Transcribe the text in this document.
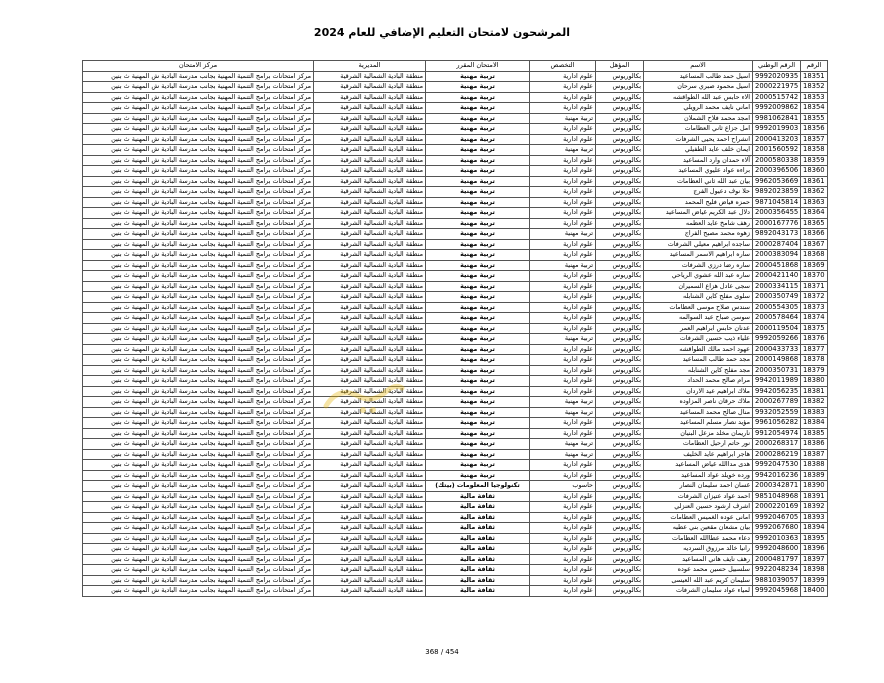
المرشحون لامتحان التعليم الإضافي للعام 2024
الرقم	الرقم الوطني	الاسم	المؤهل	التخصص	الامتحان المقرر	المديرية	مركز الامتحان
18351	9992020935	اسيل حمد طالب المساعيد	بكالوريوس	علوم ادارية	تربية مهنية	منطقة البادية الشمالية الشرقية	مركز امتحانات برامج التنمية المهنية بجانب مدرسة البادية ش المهنية ث بنين
18352	2000221975	اسيل محمود صبري سرحان	بكالوريوس	علوم ادارية	تربية مهنية	منطقة البادية الشمالية الشرقية	مركز امتحانات برامج التنمية المهنية بجانب مدرسة البادية ش المهنية ث بنين
18353	2000515742	الاء حابس عبد الله الطواقشه	بكالوريوس	علوم ادارية	تربية مهنية	منطقة البادية الشمالية الشرقية	مركز امتحانات برامج التنمية المهنية بجانب مدرسة البادية ش المهنية ث بنين
18354	9992009862	اماني نايف محمد الرويلي	بكالوريوس	علوم ادارية	تربية مهنية	منطقة البادية الشمالية الشرقية	مركز امتحانات برامج التنمية المهنية بجانب مدرسة البادية ش المهنية ث بنين
18355	9981062841	امجد محمد فلاح الشملان	بكالوريوس	تربية مهنية	تربية مهنية	منطقة البادية الشمالية الشرقية	مركز امتحانات برامج التنمية المهنية بجانب مدرسة البادية ش المهنية ث بنين
18356	9992019903	امل جزاع ثاني العظامات	بكالوريوس	علوم ادارية	تربية مهنية	منطقة البادية الشمالية الشرقية	مركز امتحانات برامج التنمية المهنية بجانب مدرسة البادية ش المهنية ث بنين
18357	2000413203	انشراح احمد يحيى الشرفات	بكالوريوس	علوم ادارية	تربية مهنية	منطقة البادية الشمالية الشرقية	مركز امتحانات برامج التنمية المهنية بجانب مدرسة البادية ش المهنية ث بنين
18358	2001560592	ايمان خلف عايد الطفيلي	بكالوريوس	تربية مهنية	تربية مهنية	منطقة البادية الشمالية الشرقية	مركز امتحانات برامج التنمية المهنية بجانب مدرسة البادية ش المهنية ث بنين
18359	2000580338	آلاء حمدان وارد المساعيد	بكالوريوس	علوم ادارية	تربية مهنية	منطقة البادية الشمالية الشرقية	مركز امتحانات برامج التنمية المهنية بجانب مدرسة البادية ش المهنية ث بنين
18360	2000396506	براءه عواد عليوي المساعيد	بكالوريوس	علوم ادارية	تربية مهنية	منطقة البادية الشمالية الشرقية	مركز امتحانات برامج التنمية المهنية بجانب مدرسة البادية ش المهنية ث بنين
18361	9962053669	بيان عبد الله ثاني العظامات	بكالوريوس	علوم ادارية	تربية مهنية	منطقة البادية الشمالية الشرقية	مركز امتحانات برامج التنمية المهنية بجانب مدرسة البادية ش المهنية ث بنين
18362	9892023859	حلا نوف دعيول الفرج	بكالوريوس	علوم ادارية	تربية مهنية	منطقة البادية الشمالية الشرقية	مركز امتحانات برامج التنمية المهنية بجانب مدرسة البادية ش المهنية ث بنين
18363	9871045814	حمزه فياض فليح المحمد	بكالوريوس	علوم ادارية	تربية مهنية	منطقة البادية الشمالية الشرقية	مركز امتحانات برامج التنمية المهنية بجانب مدرسة البادية ش المهنية ث بنين
18364	2000356455	دلال عبد الكريم غياض المساعيد	بكالوريوس	علوم ادارية	تربية مهنية	منطقة البادية الشمالية الشرقية	مركز امتحانات برامج التنمية المهنية بجانب مدرسة البادية ش المهنية ث بنين
18365	2000167776	رهف شامخ عايد العظمه	بكالوريوس	علوم ادارية	تربية مهنية	منطقة البادية الشمالية الشرقية	مركز امتحانات برامج التنمية المهنية بجانب مدرسة البادية ش المهنية ث بنين
18366	9892043173	زهوه محمد مصبح الفراج	بكالوريوس	تربية مهنية	تربية مهنية	منطقة البادية الشمالية الشرقية	مركز امتحانات برامج التنمية المهنية بجانب مدرسة البادية ش المهنية ث بنين
18367	2000287404	ساجده ابراهيم معيلي الشرفات	بكالوريوس	علوم ادارية	تربية مهنية	منطقة البادية الشمالية الشرقية	مركز امتحانات برامج التنمية المهنية بجانب مدرسة البادية ش المهنية ث بنين
18368	2000383094	ساره ابراهيم الاسمر المساعيد	بكالوريوس	علوم ادارية	تربية مهنية	منطقة البادية الشمالية الشرقية	مركز امتحانات برامج التنمية المهنية بجانب مدرسة البادية ش المهنية ث بنين
18369	2000451868	ساره رضا درزي الشرفات	بكالوريوس	تربية مهنية	تربية مهنية	منطقة البادية الشمالية الشرقية	مركز امتحانات برامج التنمية المهنية بجانب مدرسة البادية ش المهنية ث بنين
18370	2000421140	ساره عبد الله عشوي الرياحي	بكالوريوس	علوم ادارية	تربية مهنية	منطقة البادية الشمالية الشرقية	مركز امتحانات برامج التنمية المهنية بجانب مدرسة البادية ش المهنية ث بنين
18371	2000334115	سجى عادل هزاع السميران	بكالوريوس	علوم ادارية	تربية مهنية	منطقة البادية الشمالية الشرقية	مركز امتحانات برامج التنمية المهنية بجانب مدرسة البادية ش المهنية ث بنين
18372	2000350749	سلوى مفلح كاين الشنابله	بكالوريوس	علوم ادارية	تربية مهنية	منطقة البادية الشمالية الشرقية	مركز امتحانات برامج التنمية المهنية بجانب مدرسة البادية ش المهنية ث بنين
18373	2000554305	سندس صلاح موسى العظامات	بكالوريوس	علوم ادارية	تربية مهنية	منطقة البادية الشمالية الشرقية	مركز امتحانات برامج التنمية المهنية بجانب مدرسة البادية ش المهنية ث بنين
18374	2000578464	سوسن صباح عيد السوالمه	بكالوريوس	علوم ادارية	تربية مهنية	منطقة البادية الشمالية الشرقية	مركز امتحانات برامج التنمية المهنية بجانب مدرسة البادية ش المهنية ث بنين
18375	2000119504	عدنان حابس ابراهيم العمر	بكالوريوس	علوم ادارية	تربية مهنية	منطقة البادية الشمالية الشرقية	مركز امتحانات برامج التنمية المهنية بجانب مدرسة البادية ش المهنية ث بنين
18376	9992059266	علياء ذيب حسين الشرفات	بكالوريوس	تربية مهنية	تربية مهنية	منطقة البادية الشمالية الشرقية	مركز امتحانات برامج التنمية المهنية بجانب مدرسة البادية ش المهنية ث بنين
18377	2000433733	عهود احمد مالك الطواقشه	بكالوريوس	علوم ادارية	تربية مهنية	منطقة البادية الشمالية الشرقية	مركز امتحانات برامج التنمية المهنية بجانب مدرسة البادية ش المهنية ث بنين
18378	2000149868	مجد حمد طالب المساعيد	بكالوريوس	علوم ادارية	تربية مهنية	منطقة البادية الشمالية الشرقية	مركز امتحانات برامج التنمية المهنية بجانب مدرسة البادية ش المهنية ث بنين
18379	2000350731	مجد مفلح كاين الشنابله	بكالوريوس	علوم ادارية	تربية مهنية	منطقة البادية الشمالية الشرقية	مركز امتحانات برامج التنمية المهنية بجانب مدرسة البادية ش المهنية ث بنين
18380	9942011989	مرام صالح محمد الحداد	بكالوريوس	علوم ادارية	تربية مهنية	منطقة البادية الشمالية الشرقية	مركز امتحانات برامج التنمية المهنية بجانب مدرسة البادية ش المهنية ث بنين
18381	9942056235	ملاك ابراهيم عيد الاردان	بكالوريوس	علوم ادارية	تربية مهنية	منطقة البادية الشمالية الشرقية	مركز امتحانات برامج التنمية المهنية بجانب مدرسة البادية ش المهنية ث بنين
18382	2000267789	ملاك حرقان ناصر المزاوده	بكالوريوس	تربية مهنية	تربية مهنية	منطقة البادية الشمالية الشرقية	مركز امتحانات برامج التنمية المهنية بجانب مدرسة البادية ش المهنية ث بنين
18383	9932052559	منال صالح محمد المساعيد	بكالوريوس	تربية مهنية	تربية مهنية	منطقة البادية الشمالية الشرقية	مركز امتحانات برامج التنمية المهنية بجانب مدرسة البادية ش المهنية ث بنين
18384	9961056282	مؤيد نصار مسلم المساعيد	بكالوريوس	علوم ادارية	تربية مهنية	منطقة البادية الشمالية الشرقية	مركز امتحانات برامج التنمية المهنية بجانب مدرسة البادية ش المهنية ث بنين
18385	9912054974	ناريمان مخلد مزعل البنيان	بكالوريوس	علوم ادارية	تربية مهنية	منطقة البادية الشمالية الشرقية	مركز امتحانات برامج التنمية المهنية بجانب مدرسة البادية ش المهنية ث بنين
18386	2000268317	نور حاتم ارحيل العظامات	بكالوريوس	تربية مهنية	تربية مهنية	منطقة البادية الشمالية الشرقية	مركز امتحانات برامج التنمية المهنية بجانب مدرسة البادية ش المهنية ث بنين
18387	2000286219	هاجر ابراهيم عايد الخليف	بكالوريوس	تربية مهنية	تربية مهنية	منطقة البادية الشمالية الشرقية	مركز امتحانات برامج التنمية المهنية بجانب مدرسة البادية ش المهنية ث بنين
18388	9992047530	هدى مداالله غياض المساعيد	بكالوريوس	علوم ادارية	تربية مهنية	منطقة البادية الشمالية الشرقية	مركز امتحانات برامج التنمية المهنية بجانب مدرسة البادية ش المهنية ث بنين
18389	9942016236	ورده خويلد عواد المساعيد	بكالوريوس	علوم ادارية	تربية مهنية	منطقة البادية الشمالية الشرقية	مركز امتحانات برامج التنمية المهنية بجانب مدرسة البادية ش المهنية ث بنين
18390	2000342871	غسان احمد سليمان النصار	بكالوريوس	حاسوب	تكنولوجيا المعلومات (بيتك)	منطقة البادية الشمالية الشرقية	مركز امتحانات برامج التنمية المهنية بجانب مدرسة البادية ش المهنية ث بنين
18391	9851048968	احمد عواد عتيزان الشرفات	بكالوريوس	علوم ادارية	ثقافة مالية	منطقة البادية الشمالية الشرقية	مركز امتحانات برامج التنمية المهنية بجانب مدرسة البادية ش المهنية ث بنين
18392	2000220169	اشرف ارشود حسين العنزلي	بكالوريوس	علوم ادارية	ثقافة مالية	منطقة البادية الشمالية الشرقية	مركز امتحانات برامج التنمية المهنية بجانب مدرسة البادية ش المهنية ث بنين
18393	9992046705	امانى عوده الغميس العظامات	بكالوريوس	علوم ادارية	ثقافة مالية	منطقة البادية الشمالية الشرقية	مركز امتحانات برامج التنمية المهنية بجانب مدرسة البادية ش المهنية ث بنين
18394	9992067680	بيان مشعان مقعين بني عطيه	بكالوريوس	علوم ادارية	ثقافة مالية	منطقة البادية الشمالية الشرقية	مركز امتحانات برامج التنمية المهنية بجانب مدرسة البادية ش المهنية ث بنين
18395	9992010363	دعاء محمد عطاالله العظامات	بكالوريوس	علوم ادارية	ثقافة مالية	منطقة البادية الشمالية الشرقية	مركز امتحانات برامج التنمية المهنية بجانب مدرسة البادية ش المهنية ث بنين
18396	9992048600	رانيا خالد مرزوق السرديه	بكالوريوس	علوم ادارية	ثقافة مالية	منطقة البادية الشمالية الشرقية	مركز امتحانات برامج التنمية المهنية بجانب مدرسة البادية ش المهنية ث بنين
18397	2000481797	رهف نايف هاني المساعيد	بكالوريوس	علوم ادارية	ثقافة مالية	منطقة البادية الشمالية الشرقية	مركز امتحانات برامج التنمية المهنية بجانب مدرسة البادية ش المهنية ث بنين
18398	9922048234	سلسبيل حسين محمد عوده	بكالوريوس	علوم ادارية	ثقافة مالية	منطقة البادية الشمالية الشرقية	مركز امتحانات برامج التنمية المهنية بجانب مدرسة البادية ش المهنية ث بنين
18399	9881039057	سليمان كريم عبد الله العيسى	بكالوريوس	علوم ادارية	ثقافة مالية	منطقة البادية الشمالية الشرقية	مركز امتحانات برامج التنمية المهنية بجانب مدرسة البادية ش المهنية ث بنين
18400	9992045968	لمياء عواد سليمان الشرفات	بكالوريوس	علوم ادارية	ثقافة مالية	منطقة البادية الشمالية الشرقية	مركز امتحانات برامج التنمية المهنية بجانب مدرسة البادية ش المهنية ث بنين
368 / 454
